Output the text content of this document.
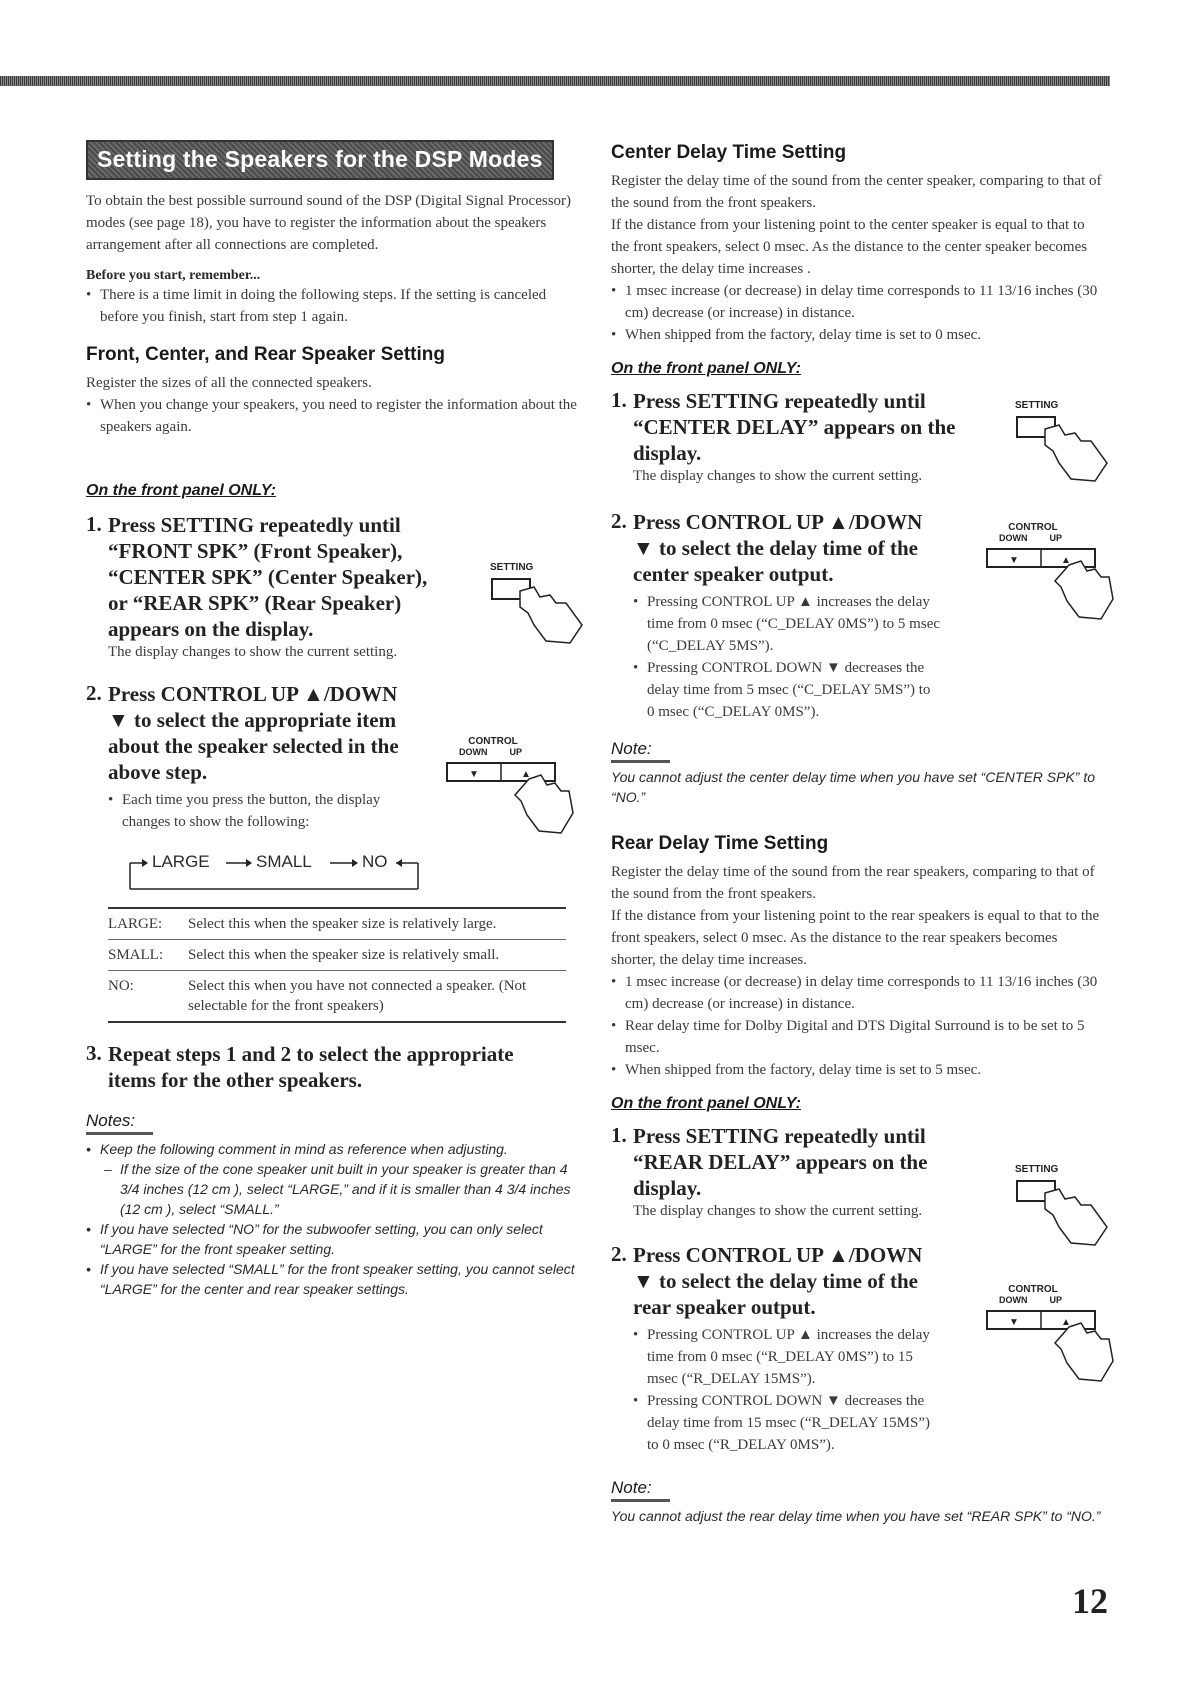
Setting the Speakers for the DSP Modes

To obtain the best possible surround sound of the DSP (Digital Signal Processor) modes (see page 18), you have to register the information about the speakers arrangement after all connections are completed.

Before you start, remember...
• There is a time limit in doing the following steps. If the setting is canceled before you finish, start from step 1 again.
Front, Center, and Rear Speaker Setting

Register the sizes of all the connected speakers.

• When you change your speakers, you need to register the information about the speakers again.
On the front panel ONLY:
1. Press SETTING repeatedly until “FRONT SPK” (Front Speaker), “CENTER SPK” (Center Speaker), or “REAR SPK” (Rear Speaker) appears on the display.
The display changes to show the current setting.
2. Press CONTROL UP ▲/DOWN ▼ to select the appropriate item about the speaker selected in the above step.
• Each time you press the button, the display changes to show the following:
LARGE	SMALL	NO
LARGE:	Select this when the speaker size is relatively large.
SMALL:	Select this when the speaker size is relatively small.
NO:	Select this when you have not connected a speaker. (Not selectable for the front speakers)
3. Repeat steps 1 and 2 to select the appropriate items for the other speakers.
Notes:
• Keep the following comment in mind as reference when adjusting.
– If the size of the cone speaker unit built in your speaker is greater than 4 3/4 inches (12 cm ), select “LARGE,” and if it is smaller than 4 3/4 inches (12 cm ), select “SMALL.”
• If you have selected “NO” for the subwoofer setting, you can only select “LARGE” for the front speaker setting.
• If you have selected “SMALL” for the front speaker setting, you cannot select “LARGE” for the center and rear speaker settings.
SETTING
CONTROL
DOWN UP
▼	▲
Center Delay Time Setting

Register the delay time of the sound from the center speaker, comparing to that of the sound from the front speakers.

If the distance from your listening point to the center speaker is equal to that to the front speakers, select 0 msec. As the distance to the center speaker becomes shorter, the delay time increases .

• 1 msec increase (or decrease) in delay time corresponds to 11 13/16 inches (30 cm) decrease (or increase) in distance.
• When shipped from the factory, delay time is set to 0 msec.
On the front panel ONLY:
1. Press SETTING repeatedly until “CENTER DELAY” appears on the display.
The display changes to show the current setting.
2. Press CONTROL UP ▲/DOWN ▼ to select the delay time of the center speaker output.
• Pressing CONTROL UP ▲ increases the delay time from 0 msec (“C_DELAY 0MS”) to 5 msec (“C_DELAY 5MS”).
• Pressing CONTROL DOWN ▼ decreases the delay time from 5 msec (“C_DELAY 5MS”) to 0 msec (“C_DELAY 0MS”).
Note:
You cannot adjust the center delay time when you have set “CENTER SPK” to “NO.”
Rear Delay Time Setting

Register the delay time of the sound from the rear speakers, comparing to that of the sound from the front speakers.

If the distance from your listening point to the rear speakers is equal to that to the front speakers, select 0 msec. As the distance to the rear speakers becomes shorter, the delay time increases.

• 1 msec increase (or decrease) in delay time corresponds to 11 13/16 inches (30 cm) decrease (or increase) in distance.
• Rear delay time for Dolby Digital and DTS Digital Surround is to be set to 5 msec.
• When shipped from the factory, delay time is set to 5 msec.
On the front panel ONLY:
1. Press SETTING repeatedly until “REAR DELAY” appears on the display.
The display changes to show the current setting.
2. Press CONTROL UP ▲/DOWN ▼ to select the delay time of the rear speaker output.
• Pressing CONTROL UP ▲ increases the delay time from 0 msec (“R_DELAY 0MS”) to 15 msec (“R_DELAY 15MS”).
• Pressing CONTROL DOWN ▼ decreases the delay time from 15 msec (“R_DELAY 15MS”) to 0 msec (“R_DELAY 0MS”).
Note:
You cannot adjust the rear delay time when you have set “REAR SPK” to “NO.”
SETTING
CONTROL
DOWN UP
▼	▲
SETTING
CONTROL
DOWN UP
▼	▲
12
